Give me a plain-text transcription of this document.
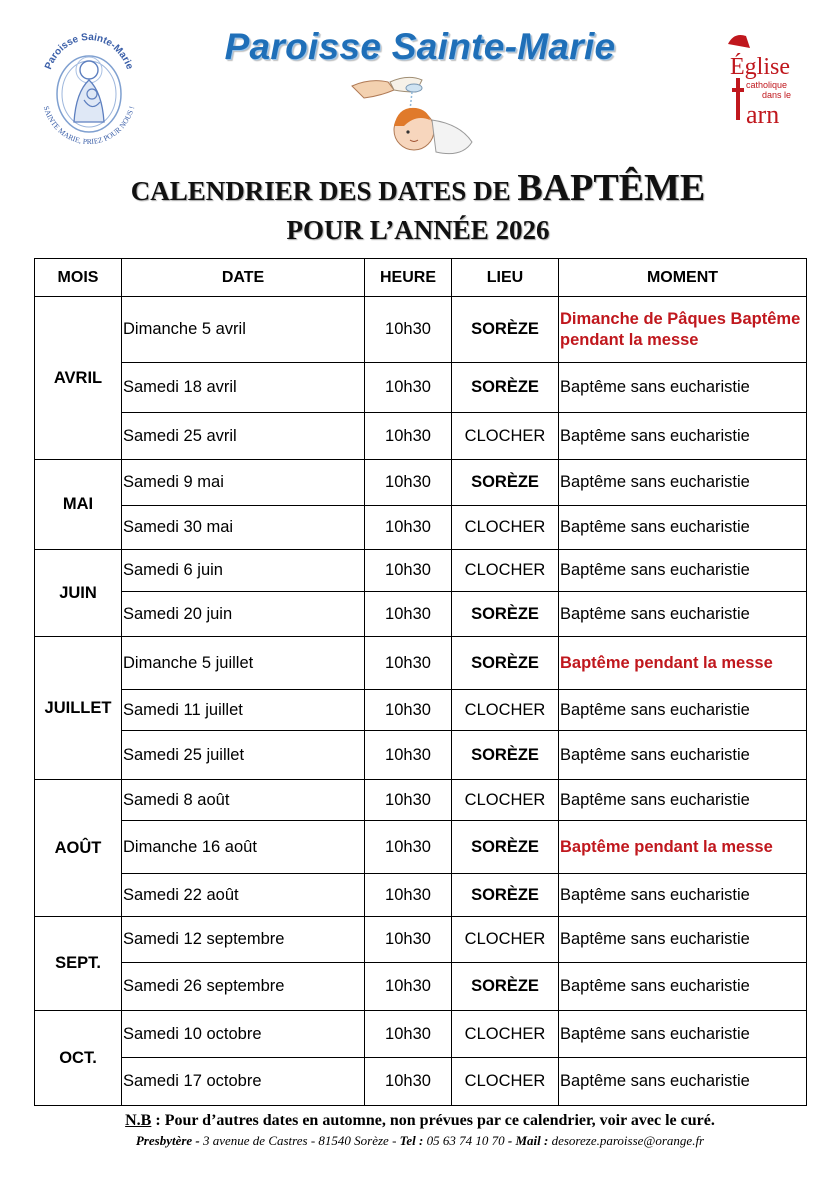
Paroisse Sainte-Marie
SAINTE MARIE, PRIEZ POUR NOUS !
Église
catholique
dans le
arn
Paroisse Sainte-Marie
CALENDRIER DES DATES DE BAPTÊME
POUR L’ANNÉE 2026
MOIS	DATE	HEURE	LIEU	MOMENT
AVRIL	Dimanche 5 avril	10h30	SORÈZE	Dimanche de Pâques Baptême pendant la messe
	Samedi 18 avril	10h30	SORÈZE	Baptême sans eucharistie
	Samedi 25 avril	10h30	CLOCHER	Baptême sans eucharistie
MAI	Samedi 9 mai	10h30	SORÈZE	Baptême sans eucharistie
	Samedi 30 mai	10h30	CLOCHER	Baptême sans eucharistie
JUIN	Samedi 6 juin	10h30	CLOCHER	Baptême sans eucharistie
	Samedi 20 juin	10h30	SORÈZE	Baptême sans eucharistie
JUILLET	Dimanche 5 juillet	10h30	SORÈZE	Baptême pendant la messe
	Samedi 11 juillet	10h30	CLOCHER	Baptême sans eucharistie
	Samedi 25 juillet	10h30	SORÈZE	Baptême sans eucharistie
AOÛT	Samedi 8 août	10h30	CLOCHER	Baptême sans eucharistie
	Dimanche 16 août	10h30	SORÈZE	Baptême pendant la messe
	Samedi 22 août	10h30	SORÈZE	Baptême sans eucharistie
SEPT.	Samedi 12 septembre	10h30	CLOCHER	Baptême sans eucharistie
	Samedi 26 septembre	10h30	SORÈZE	Baptême sans eucharistie
OCT.	Samedi 10 octobre	10h30	CLOCHER	Baptême sans eucharistie
	Samedi 17 octobre	10h30	CLOCHER	Baptême sans eucharistie
N.B : Pour d’autres dates en automne, non prévues par ce calendrier, voir avec le curé.
Presbytère - 3 avenue de Castres - 81540 Sorèze - Tel : 05 63 74 10 70 - Mail : desoreze.paroisse@orange.fr
